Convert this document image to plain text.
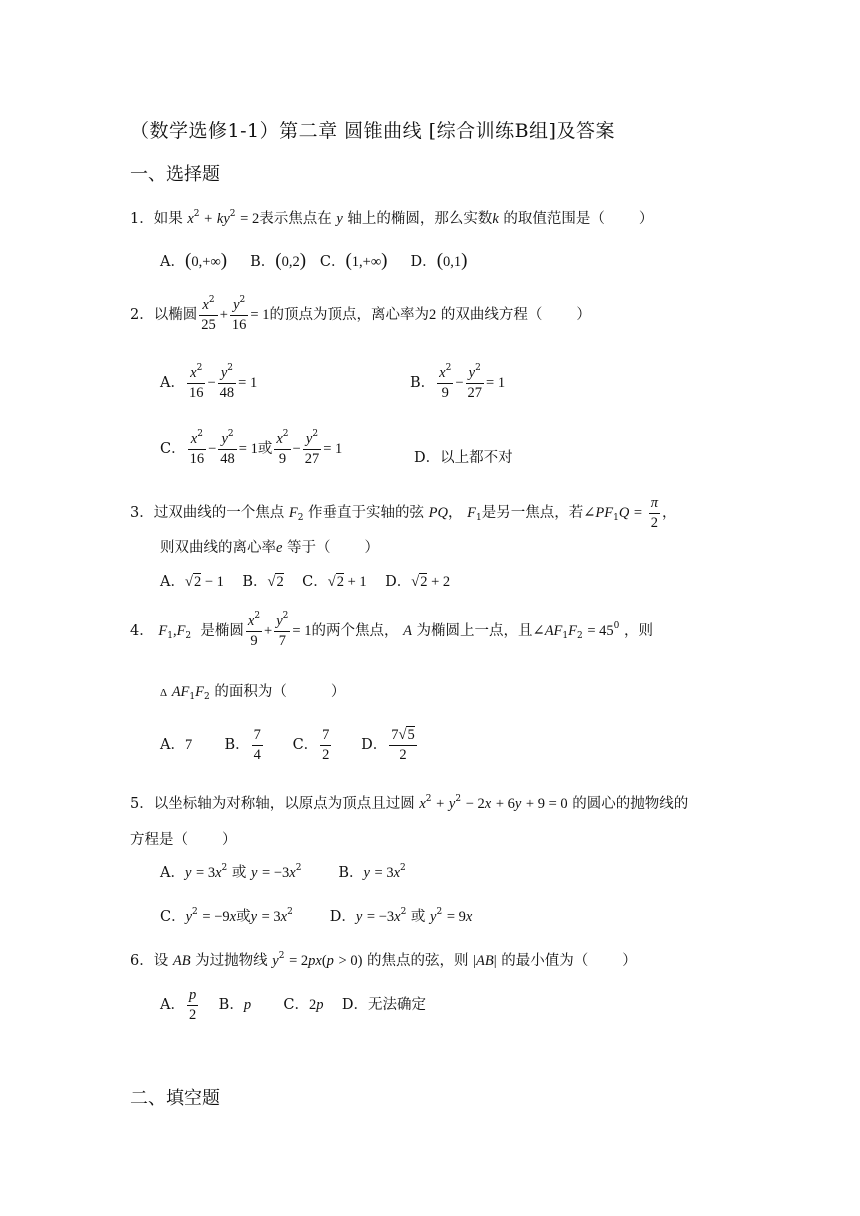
（数学选修1-1）第二章 圆锥曲线 [综合训练B组]及答案
一、选择题
1．如果 $x^2 + ky^2 = 2$表示焦点在 y 轴上的椭圆，那么实数k 的取值范围是（ ）
A．(0,+∞) B．(0,2) C．(1,+∞) D．(0,1)
2．以椭圆 $\frac{x^2}{25} + \frac{y^2}{16} = 1$的顶点为顶点，离心率为2 的双曲线方程（ ）
A． $\frac{x^2}{16} - \frac{y^2}{48} = 1$	B． $\frac{x^2}{9} - \frac{y^2}{27} = 1$
C． $\frac{x^2}{16} - \frac{y^2}{48} = 1$或 $\frac{x^2}{9} - \frac{y^2}{27} = 1$
D．以上都不对
3．过双曲线的一个焦点 $F_2$ 作垂直于实轴的弦 PQ， $F_1$是另一焦点，若$\angle PF_1Q = \frac{\pi}{2}$ ，
则双曲线的离心率e 等于（ ）
A．√2 − 1 B．√2 C．√2 + 1 D．√2 + 2
4． $F_1,F_2$ 是椭圆 $\frac{x^2}{9} + \frac{y^2}{7} = 1$的两个焦点， A 为椭圆上一点，且$\angle AF_1F_2 = 45^0$ ，则
Δ $AF_1F_2$ 的面积为（	）
A．7 B． $\frac{7}{4}$ C． $\frac{7}{2}$ D． $\frac{7√5}{2}$
5．以坐标轴为对称轴，以原点为顶点且过圆 $x^2 + y^2 - 2x + 6y + 9 = 0$ 的圆心的抛物线的
方程是（ ）
A．$y = 3x^2$ 或 $y = -3x^2$	B．$y = 3x^2$
C．$y^2 = -9x$或$y = 3x^2$	D．$y = -3x^2$ 或 $y^2 = 9x$
6．设 AB 为过抛物线 $y^2 = 2px(p > 0)$ 的焦点的弦，则 |AB| 的最小值为（ ）
A． $\frac{p}{2}$ B．p C．2p D．无法确定
二、填空题
